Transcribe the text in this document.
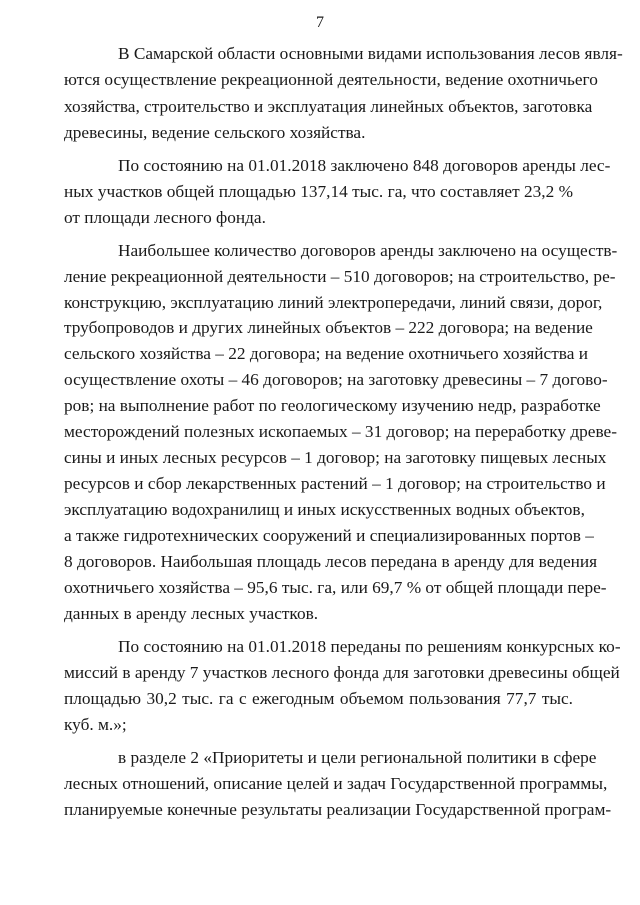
7
В Самарской области основными видами использования лесов явля-
ются осуществление рекреационной деятельности, ведение охотничьего
хозяйства, строительство и эксплуатация линейных объектов, заготовка
древесины, ведение сельского хозяйства.
По состоянию на 01.01.2018 заключено 848 договоров аренды лес-
ных участков общей площадью 137,14 тыс. га, что составляет 23,2 %
от площади лесного фонда.
Наибольшее количество договоров аренды заключено на осуществ-
ление рекреационной деятельности – 510 договоров; на строительство, ре-
конструкцию, эксплуатацию линий электропередачи, линий связи, дорог,
трубопроводов и других линейных объектов – 222 договора; на ведение
сельского хозяйства – 22 договора; на ведение охотничьего хозяйства и
осуществление охоты – 46 договоров; на заготовку древесины – 7 догово-
ров; на выполнение работ по геологическому изучению недр, разработке
месторождений полезных ископаемых – 31 договор; на переработку древе-
сины и иных лесных ресурсов – 1 договор; на заготовку пищевых лесных
ресурсов и сбор лекарственных растений – 1 договор; на строительство и
эксплуатацию водохранилищ и иных искусственных водных объектов,
а также гидротехнических сооружений и специализированных портов –
8 договоров. Наибольшая площадь лесов передана в аренду для ведения
охотничьего хозяйства – 95,6 тыс. га, или 69,7 % от общей площади пере-
данных в аренду лесных участков.
По состоянию на 01.01.2018 переданы по решениям конкурсных ко-
миссий в аренду 7 участков лесного фонда для заготовки древесины общей
площадью 30,2 тыс. га с ежегодным объемом пользования 77,7 тыс.
куб. м.»;
в разделе 2 «Приоритеты и цели региональной политики в сфере
лесных отношений, описание целей и задач Государственной программы,
планируемые конечные результаты реализации Государственной програм-
